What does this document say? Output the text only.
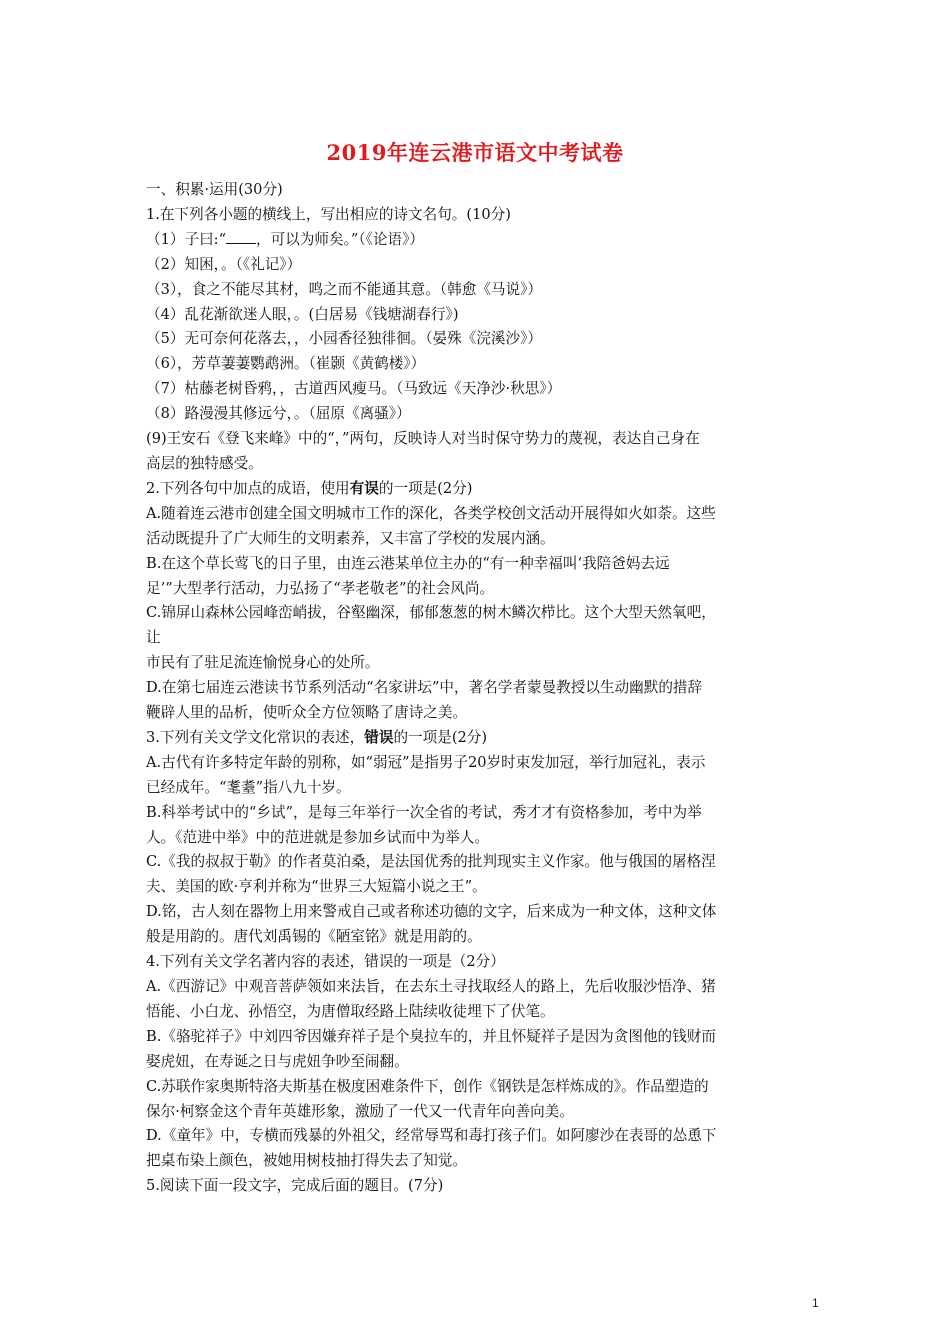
2019年连云港市语文中考试卷
一、积累·运用(30分)
1.在下列各小题的横线上，写出相应的诗文名句。(10分)
（1）子曰:“ ，可以为师矣。”（《论语》）
（2）知困，。（《礼记》）
（3），食之不能尽其材，鸣之而不能通其意。（韩愈《马说》）
（4）乱花渐欲迷人眼，。(白居易《钱塘湖春行》)
（5）无可奈何花落去，，小园香径独徘徊。（晏殊《浣溪沙》）
（6），芳草萋萋鹦鹉洲。（崔颢《黄鹤楼》）
（7）枯藤老树昏鸦，，古道西风瘦马。（马致远《天净沙·秋思》）
（8）路漫漫其修远兮，。（屈原《离骚》）
(9)王安石《登飞来峰》中的“，”两句，反映诗人对当时保守势力的蔑视，表达自己身在
高层的独特感受。
2.下列各句中加点的成语，使用有误的一项是(2分)
A.随着连云港市创建全国文明城市工作的深化，各类学校创文活动开展得如火如荼。这些
活动既提升了广大师生的文明素养，又丰富了学校的发展内涵。
B.在这个草长莺飞的日子里，由连云港某单位主办的“有一种幸福叫‘我陪爸妈去远
足’”大型孝行活动，力弘扬了“孝老敬老”的社会风尚。
C.锦屏山森林公园峰峦峭拔，谷壑幽深，郁郁葱葱的树木鳞次栉比。这个大型天然氧吧，
让
市民有了驻足流连愉悦身心的处所。
D.在第七届连云港读书节系列活动“名家讲坛”中，著名学者蒙曼教授以生动幽默的措辞
鞭辟人里的品析，使听众全方位领略了唐诗之美。
3.下列有关文学文化常识的表述，错误的一项是(2分)
A.古代有许多特定年龄的别称，如“弱冠”是指男子20岁时束发加冠，举行加冠礼，表示
已经成年。“耄耋”指八九十岁。
B.科举考试中的“乡试”，是每三年举行一次全省的考试，秀才才有资格参加，考中为举
人。《范进中举》中的范进就是参加乡试而中为举人。
C.《我的叔叔于勒》的作者莫泊桑，是法国优秀的批判现实主义作家。他与俄国的屠格涅
夫、美国的欧·亨利并称为“世界三大短篇小说之王”。
D.铭，古人刻在器物上用来警戒自己或者称述功德的文字，后来成为一种文体，这种文体
般是用韵的。唐代刘禹锡的《陋室铭》就是用韵的。
4.下列有关文学名著内容的表述，错误的一项是（2分）
A.《西游记》中观音菩萨领如来法旨，在去东土寻找取经人的路上，先后收服沙悟净、猪
悟能、小白龙、孙悟空，为唐僧取经路上陆续收徒埋下了伏笔。
B.《骆驼祥子》中刘四爷因嫌弃祥子是个臭拉车的，并且怀疑祥子是因为贪图他的钱财而
娶虎妞，在寿诞之日与虎妞争吵至闹翻。
C.苏联作家奥斯特洛夫斯基在极度困难条件下，创作《钢铁是怎样炼成的》。作品塑造的
保尔·柯察金这个青年英雄形象，激励了一代又一代青年向善向美。
D.《童年》中，专横而残暴的外祖父，经常辱骂和毒打孩子们。如阿廖沙在表哥的怂恿下
把桌布染上颜色，被她用树枝抽打得失去了知觉。
5.阅读下面一段文字，完成后面的题目。(7分)
1
